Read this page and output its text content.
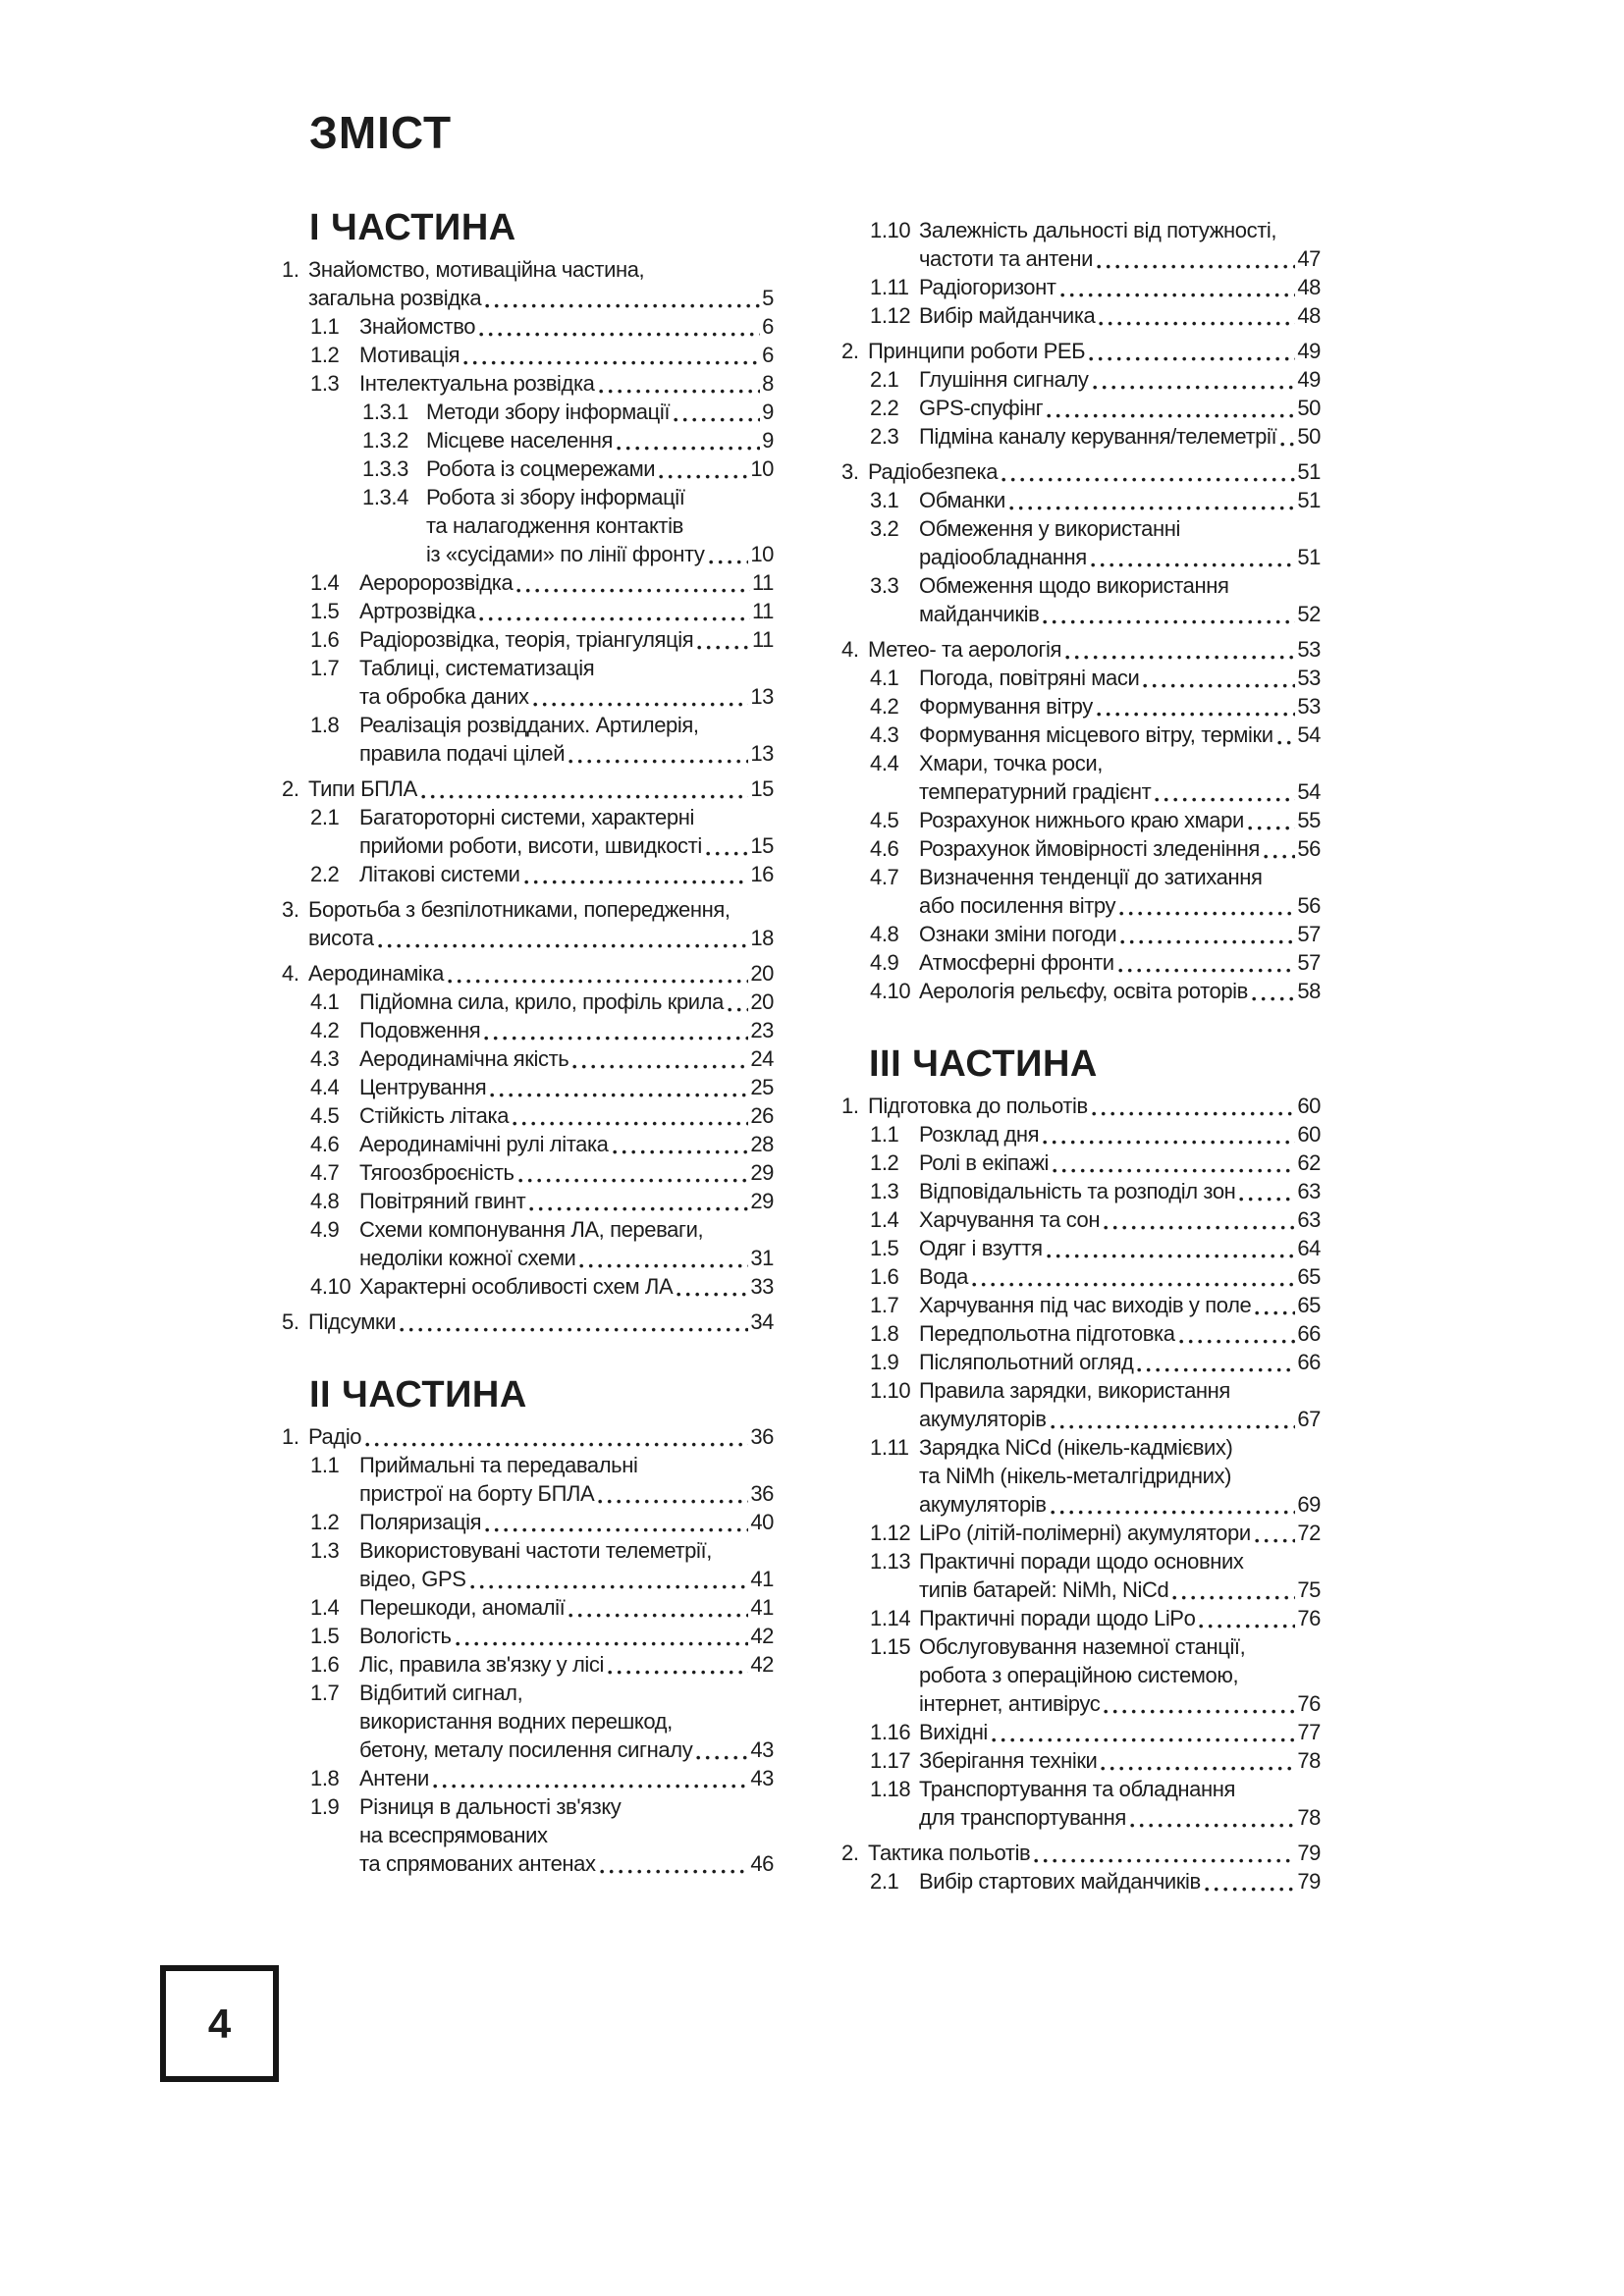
ЗМІСТ
І ЧАСТИНА
1. Знайомство, мотиваційна частина,
загальна розвідка	5
1.1 Знайомство	6
1.2 Мотивація	6
1.3 Інтелектуальна розвідка	8
1.3.1 Методи збору інформації	9
1.3.2 Місцеве населення	9
1.3.3 Робота із соцмережами	10
1.3.4 Робота зі збору інформації
та налагодження контактів
із «сусідами» по лінії фронту 10
1.4 Аероророзвідка	11
1.5 Артрозвідка	11
1.6 Радіорозвідка, теорія, тріангуляція	11
1.7 Таблиці, систематизація
та обробка даних	13
1.8 Реалізація розвідданих. Артилерія,
правила подачі цілей	13
2. Типи БПЛА	15
2.1 Багатороторні системи, характерні
прийоми роботи, висоти, швидкості 15
2.2 Літакові системи	16
3. Боротьба з безпілотниками, попередження,
висота	18
4. Аеродинаміка	20
4.1 Підйомна сила, крило, профіль крила 20
4.2 Подовження	23
4.3 Аеродинамічна якість	24
4.4 Центрування	25
4.5 Стійкість літака	26
4.6 Аеродинамічні рулі літака	28
4.7 Тягоозброєність	29
4.8 Повітряний гвинт	29
4.9 Схеми компонування ЛА, переваги,
недоліки кожної схеми	31
4.10 Характерні особливості схем ЛА	33
5. Підсумки	34
ІІ ЧАСТИНА
1. Радіо	36
1.1 Приймальні та передавальні
пристрої на борту БПЛА	36
1.2 Поляризація	40
1.3 Використовувані частоти телеметрії,
відео, GPS	41
1.4 Перешкоди, аномалії	41
1.5 Вологість	42
1.6 Ліс, правила зв'язку у лісі	42
1.7 Відбитий сигнал,
використання водних перешкод,
бетону, металу посилення сигналу	43
1.8 Антени	43
1.9 Різниця в дальності зв'язку
на всеспрямованих
та спрямованих антенах	46
1.10 Залежність дальності від потужності,
частоти та антени	47
1.11 Радіогоризонт	48
1.12 Вибір майданчика	48
2. Принципи роботи РЕБ	49
2.1 Глушіння сигналу	49
2.2 GPS-спуфінг	50
2.3 Підміна каналу керування/телеметрії 50
3. Радіобезпека	51
3.1 Обманки	51
3.2 Обмеження у використанні
радіообладнання	51
3.3 Обмеження щодо використання
майданчиків	52
4. Метео- та аерологія	53
4.1 Погода, повітряні маси	53
4.2 Формування вітру	53
4.3 Формування місцевого вітру, терміки 54
4.4 Хмари, точка роси,
температурний градієнт	54
4.5 Розрахунок нижнього краю хмари 55
4.6 Розрахунок ймовірності зледеніння 56
4.7 Визначення тенденції до затихання
або посилення вітру	56
4.8 Ознаки зміни погоди	57
4.9 Атмосферні фронти	57
4.10 Аерологія рельєфу, освіта роторів 58
ІІІ ЧАСТИНА
1. Підготовка до польотів	60
1.1 Розклад дня	60
1.2 Ролі в екіпажі	62
1.3 Відповідальність та розподіл зон	63
1.4 Харчування та сон	63
1.5 Одяг і взуття	64
1.6 Вода	65
1.7 Харчування під час виходів у поле 65
1.8 Передпольотна підготовка	66
1.9 Післяпольотний огляд	66
1.10 Правила зарядки, використання
акумуляторів	67
1.11 Зарядка NiCd (нікель-кадмієвих)
та NiMh (нікель-металгідридних)
акумуляторів	69
1.12 LiPo (літій-полімерні) акумулятори 72
1.13 Практичні поради щодо основних
типів батарей: NiMh, NiCd	75
1.14 Практичні поради щодо LiPo	76
1.15 Обслуговування наземної станції,
робота з операційною системою,
інтернет, антивірус	76
1.16 Вихідні	77
1.17 Зберігання техніки	78
1.18 Транспортування та обладнання
для транспортування	78
2. Тактика польотів	79
2.1 Вибір стартових майданчиків	79
4
